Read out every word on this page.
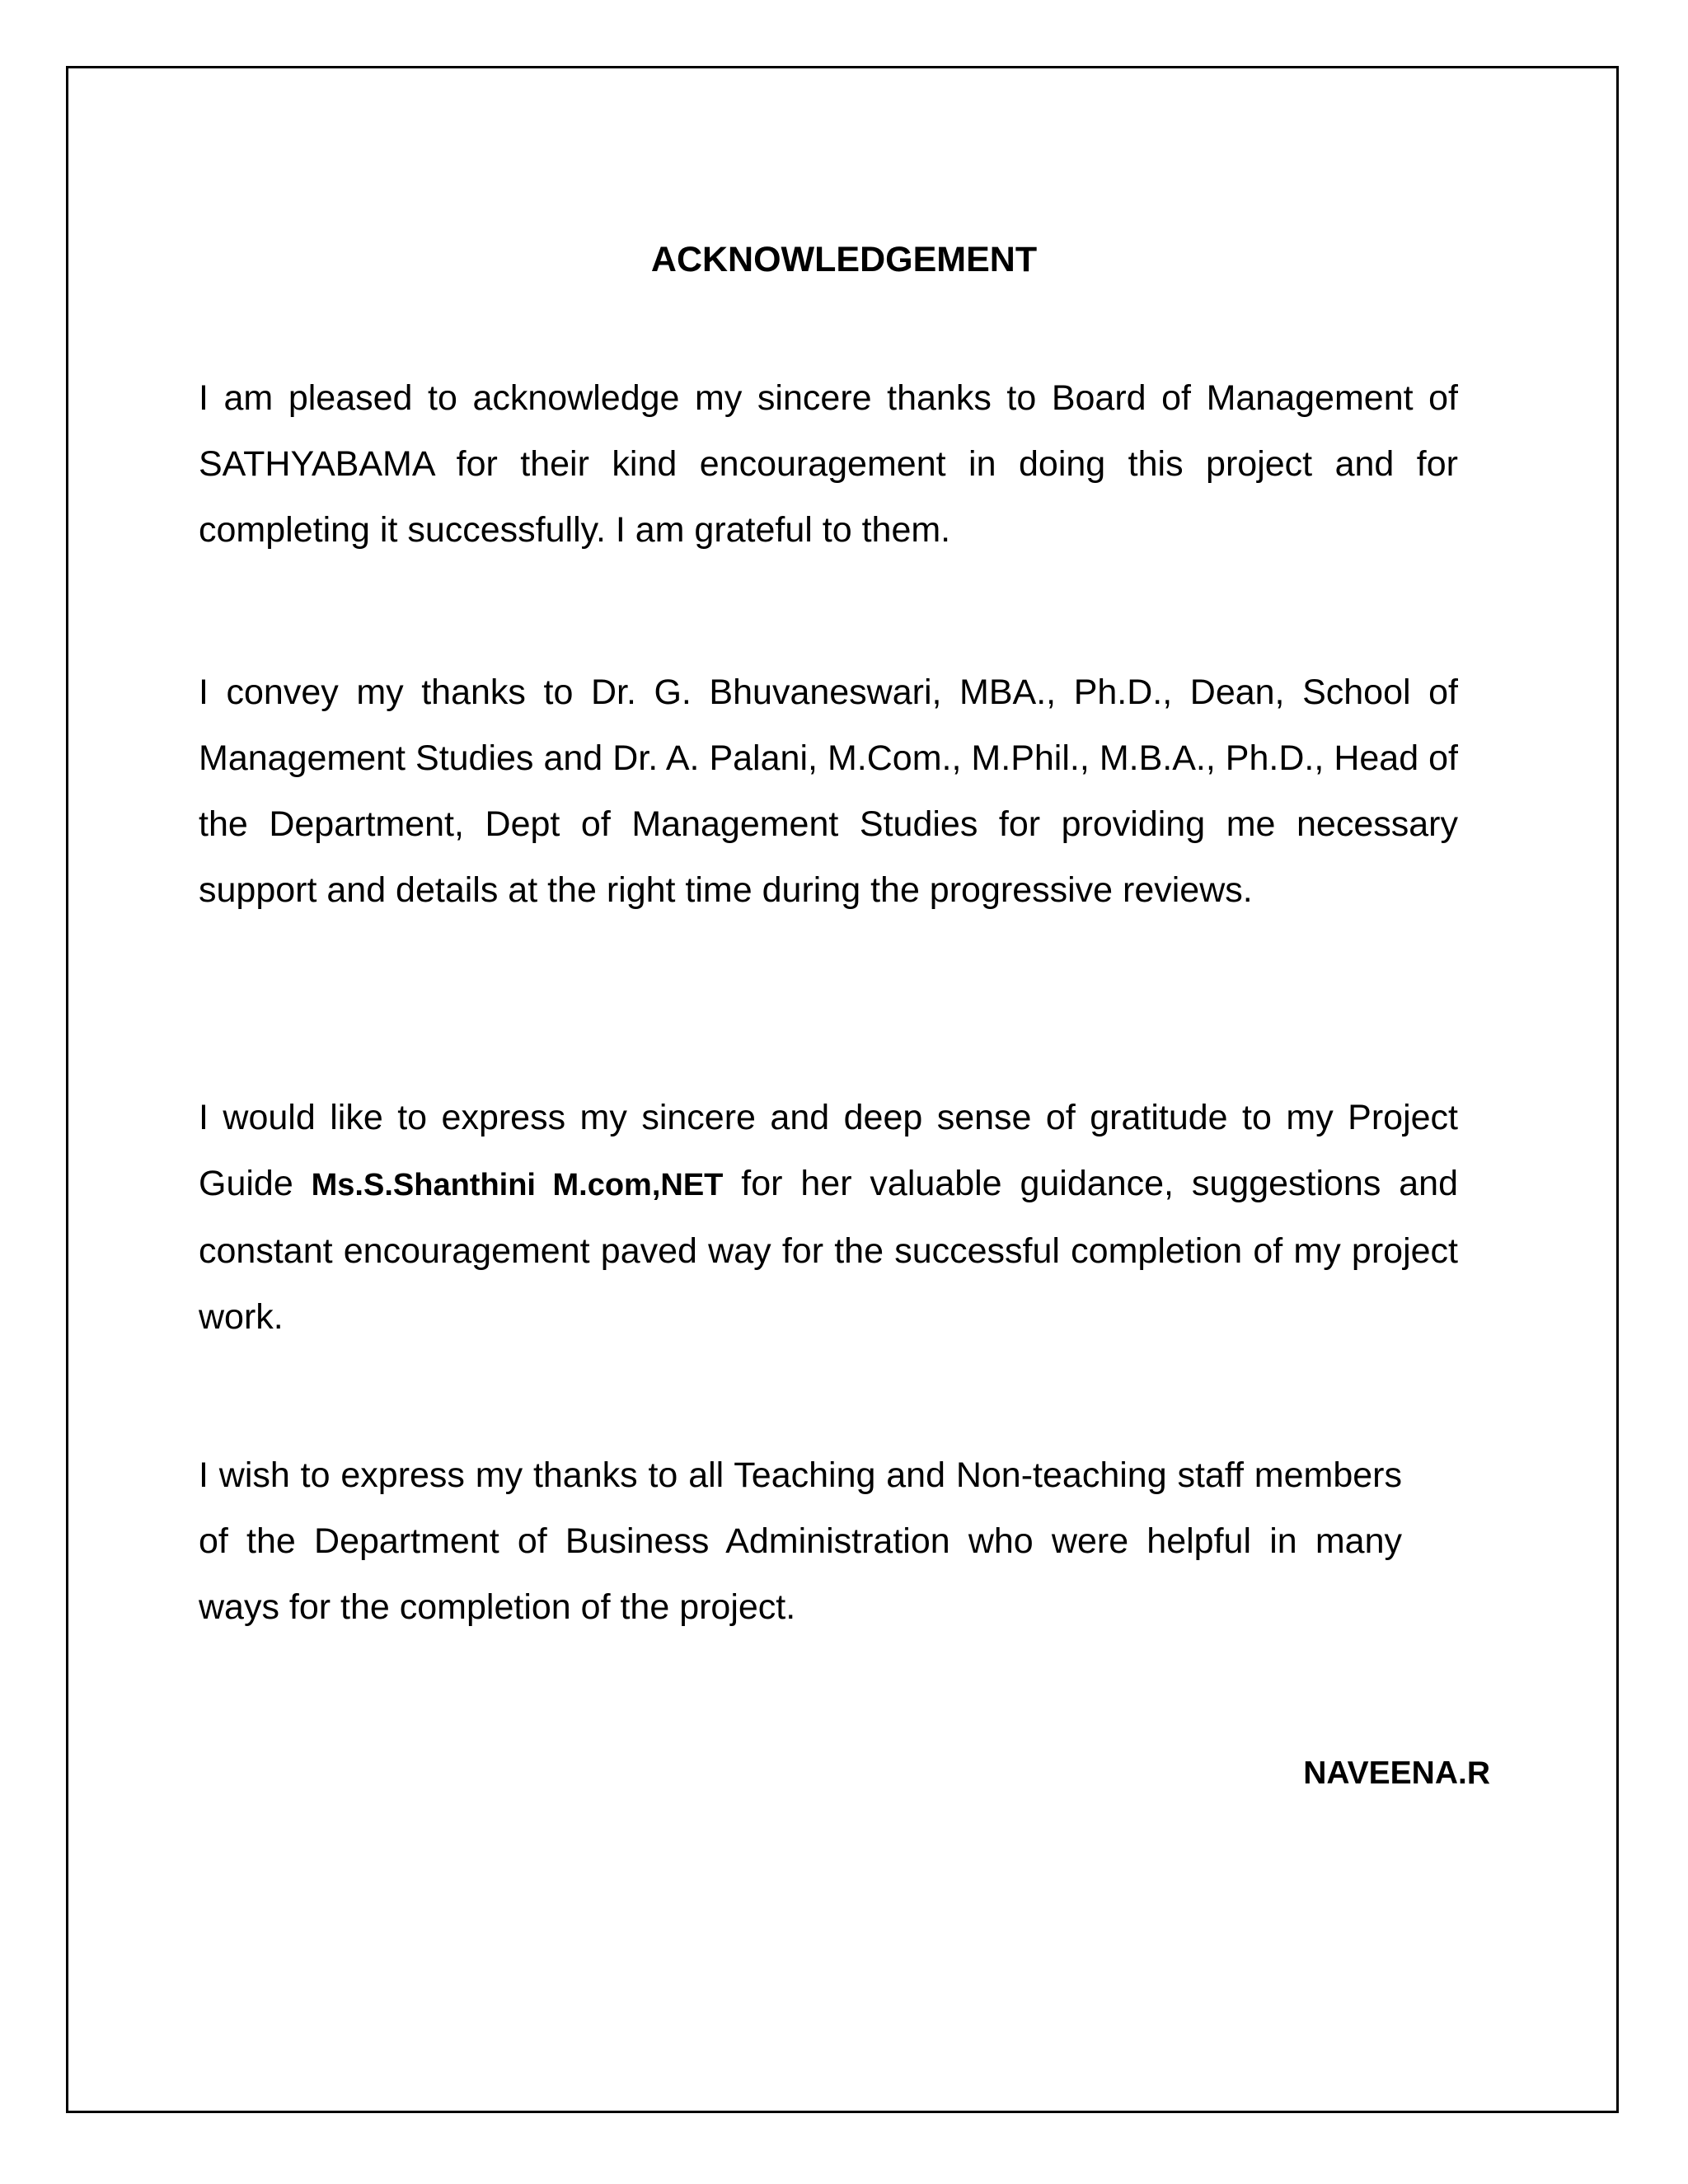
ACKNOWLEDGEMENT

I am pleased to acknowledge my sincere thanks to Board of Management of SATHYABAMA for their kind encouragement in doing this project and for completing it successfully. I am grateful to them.

I convey my thanks to Dr. G. Bhuvaneswari, MBA., Ph.D., Dean, School of Management Studies and Dr. A. Palani, M.Com., M.Phil., M.B.A., Ph.D., Head of the Department, Dept of Management Studies for providing me necessary support and details at the right time during the progressive reviews.

I would like to express my sincere and deep sense of gratitude to my Project Guide Ms.S.Shanthini M.com,NET for her valuable guidance, suggestions and constant encouragement paved way for the successful completion of my project work.

I wish to express my thanks to all Teaching and Non-teaching staff members of the Department of Business Administration who were helpful in many ways for the completion of the project.

NAVEENA.R
